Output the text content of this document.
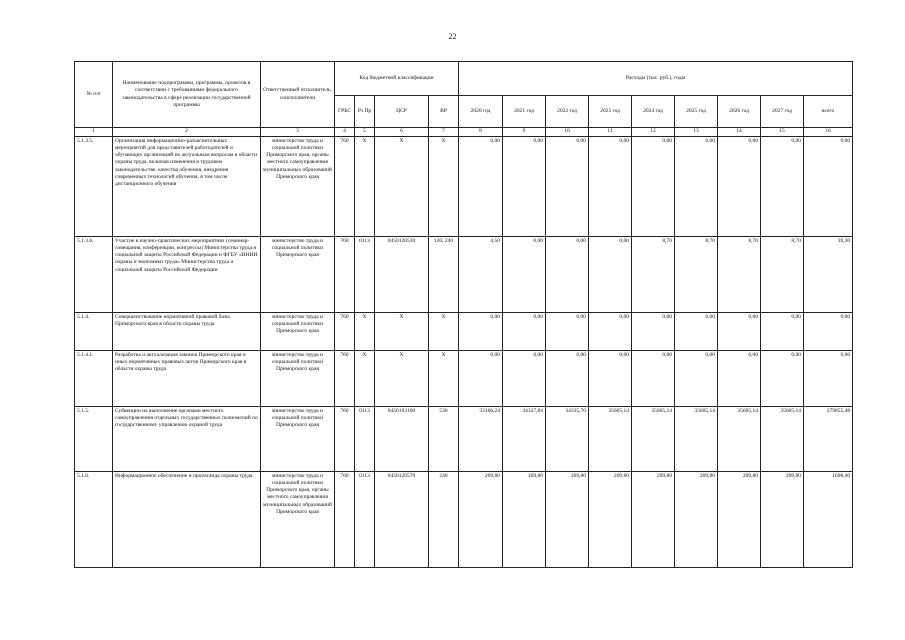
22
№ п/п	Наименование подпрограммы, программы, проектов в соответствии с требованиями федерального законодательства в сфере реализации государственной программы	Ответственный исполнитель, соисполнители	Код бюджетной классификации				Расходы (тыс. руб.), годы								
			ГРБС	Рз Пр	ЦСР	ВР	2020 год	2021 год	2022 год	2023 год	2024 год	2025 год	2026 год	2027 год	всего
1	2	3	4	5	6	7	8	9	10	11	12	13	14	15	16
5.1.3.5.	Организация информационно-разъяснительных мероприятий для представителей работодателей и обучающих организаций по актуальным вопросам в области охраны труда, включая изменения в трудовом законодательстве, качества обучения, внедрения современных технологий обучения, в том числе дистанционного обучения	министерство труда и социальной политики Приморского края, органы местного самоуправления муниципальных образований Приморского края	760	X	X	X	0,00	0,00	0,00	0,00	0,00	0,00	0,00	0,00	0,00
5.1.3.6.	Участие в научно-практических мероприятиях (семинар-совещания, конференции, конгрессы) Министерства труда и социальной защиты Российской Федерации и ФГБУ «ВНИИ охраны и экономики труда» Министерства труда и социальной защиты Российской Федерации	министерство труда и социальной политики Приморского края	760	0113	0450120530	120, 240	4,50	0,00	0,00	0,00	8,70	8,70	8,70	8,70	39,30
5.1.4.	Совершенствование нормативной правовой базы Приморского края в области охраны труда	министерство труда и социальной политики Приморского края	760	X	X	X	0,00	0,00	0,00	0,00	0,00	0,00	0,00	0,00	0,00
5.1.4.1.	Разработка и актуализация законов Приморского края и иных нормативных правовых актов Приморского края в области охраны труда	министерство труда и социальной политики Приморского края	760	X	X	X	0,00	0,00	0,00	0,00	0,00	0,00	0,00	0,00	0,00
5.1.5.	Субвенции на выполнение органами местного самоуправления отдельных государственных полномочий по государственному управлению охраной труда	министерство труда и социальной политики Приморского края	760	0113	0450193100	530	33166,24	34327,84	34335,70	35605,14	35605,14	35605,14	35605,14	35605,14	279855,48
5.1.6.	Информационное обеспечение и пропаганда охраны труда	министерство труда и социальной политики Приморского края, органы местного самоуправления муниципальных образований Приморского края	760	0113	0450120570	240	209,80	109,80	269,80	269,80	209,80	209,80	209,80	209,80	1698,40
